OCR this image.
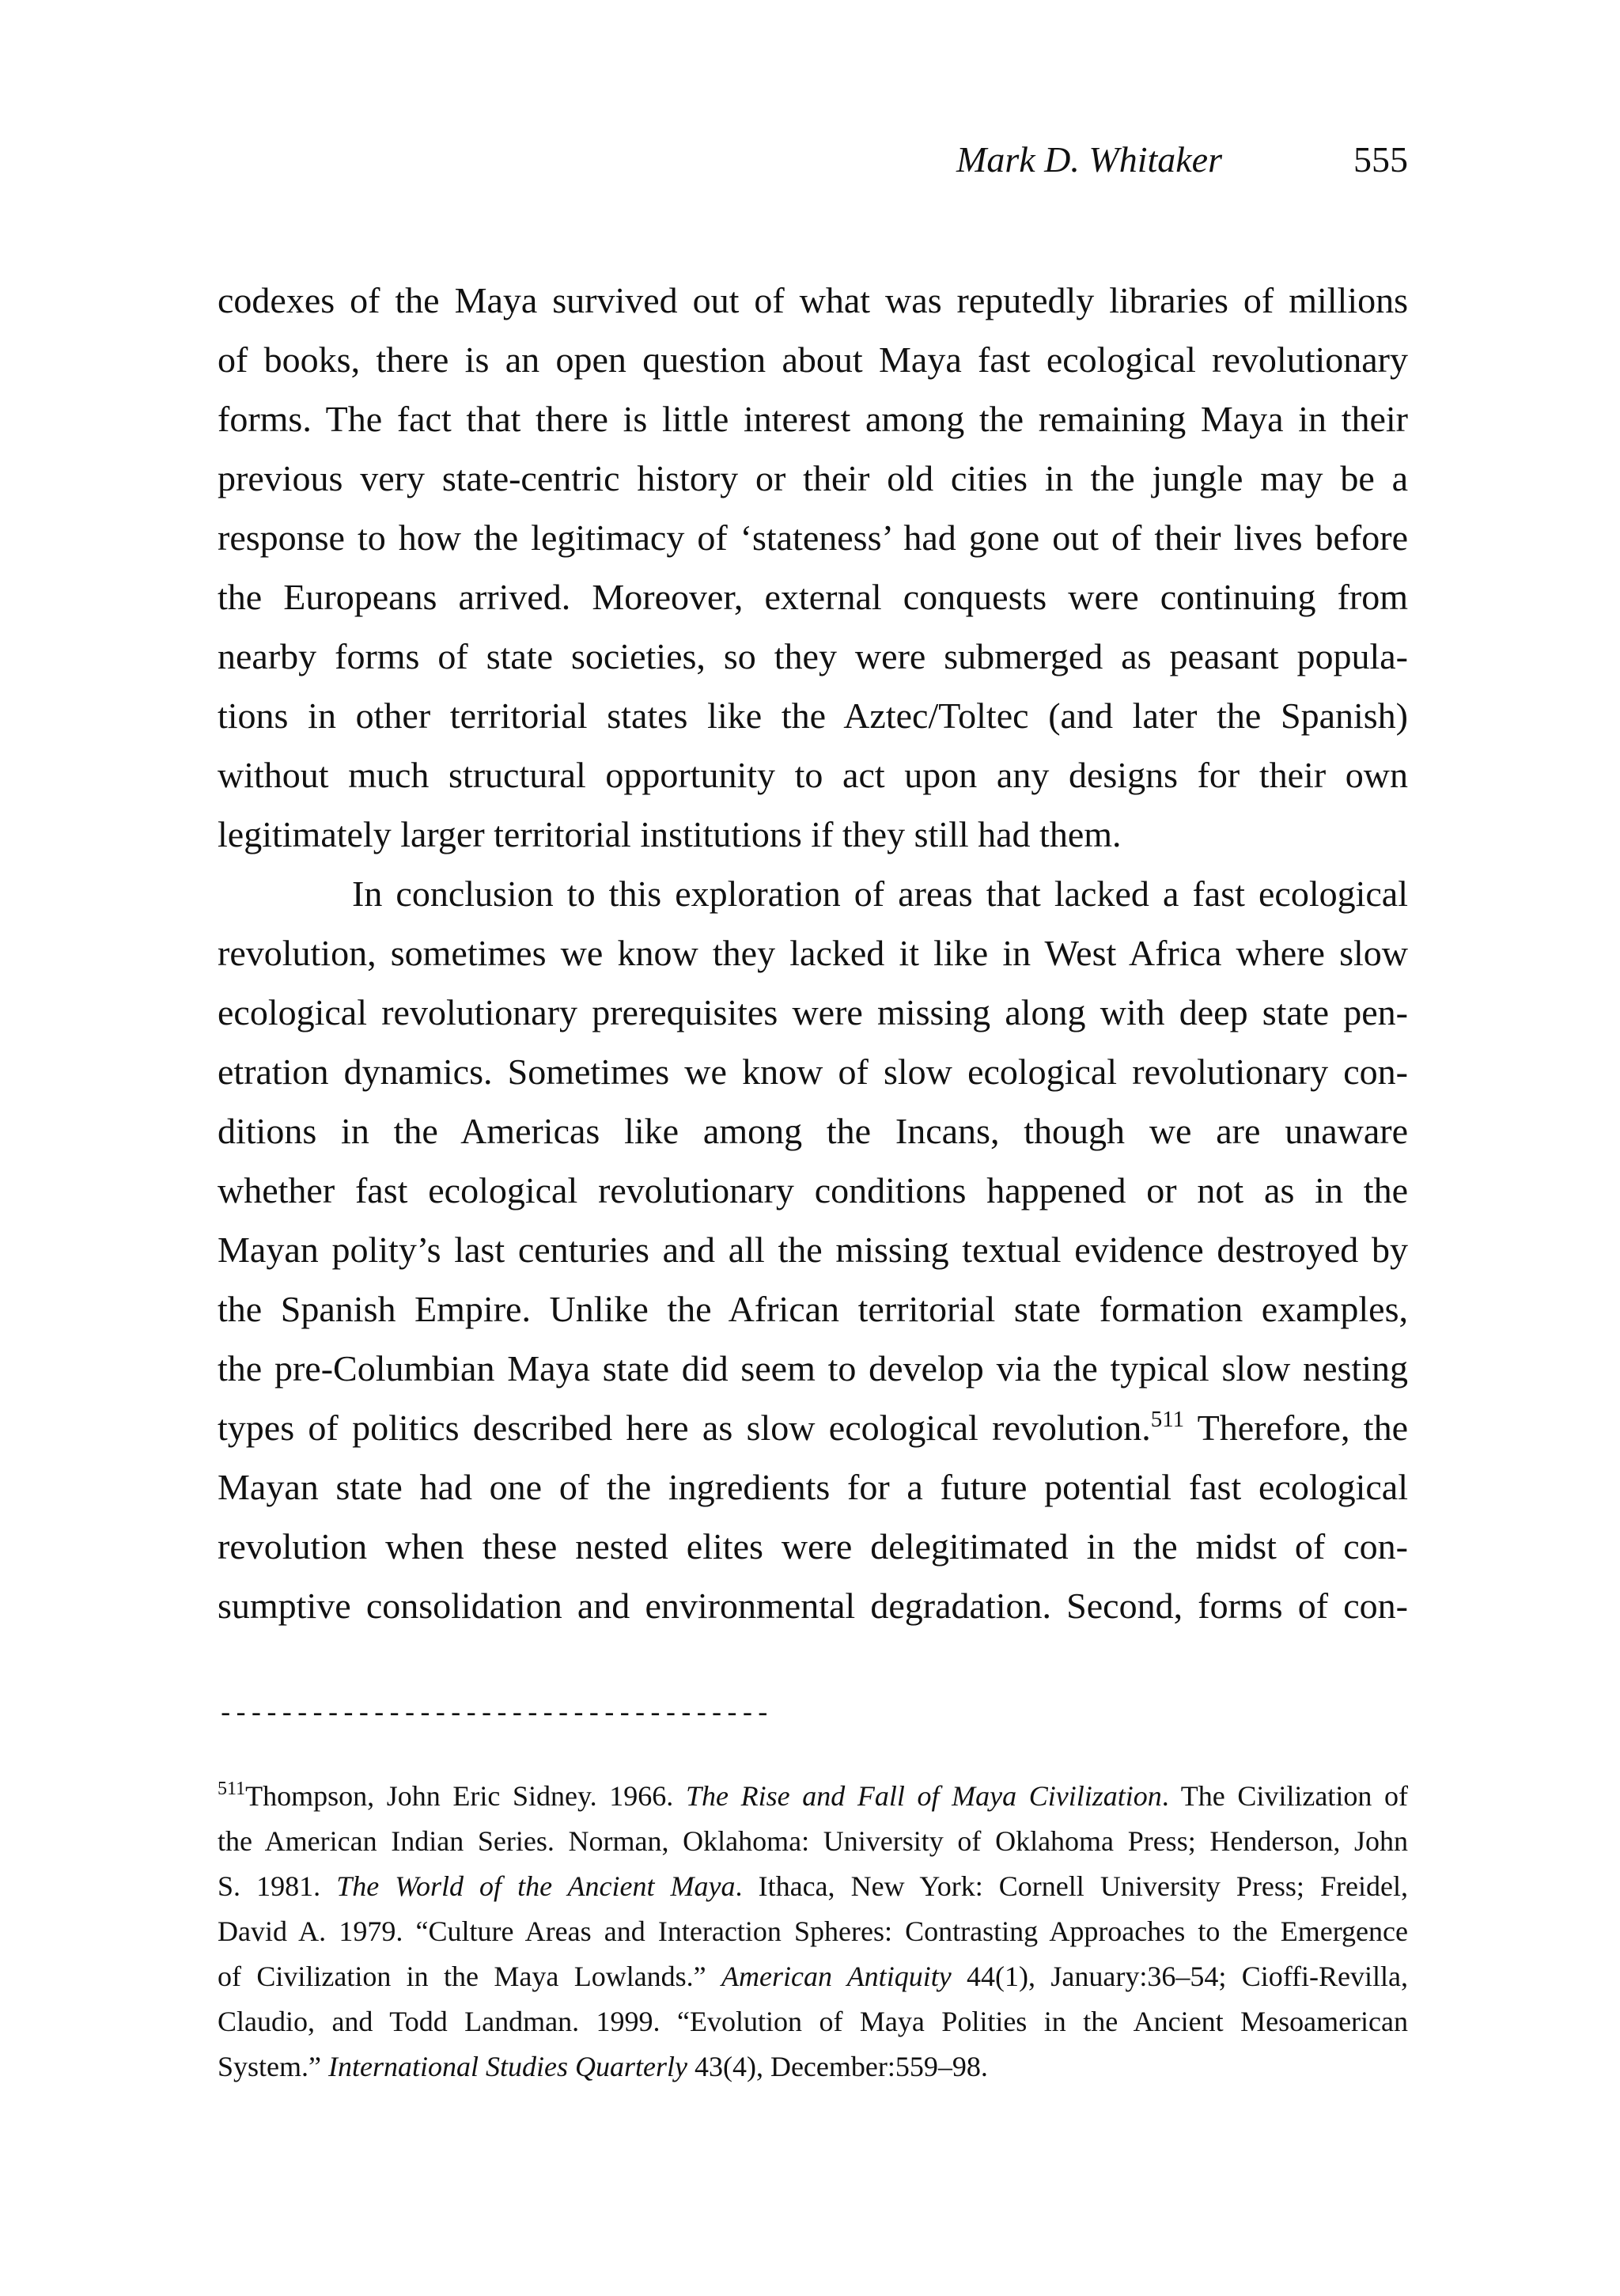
Mark D. Whitaker	555
codexes of the Maya survived out of what was reputedly libraries of millions
of books, there is an open question about Maya fast ecological revolutionary
forms. The fact that there is little interest among the remaining Maya in their
previous very state-centric history or their old cities in the jungle may be a
response to how the legitimacy of ‘stateness’ had gone out of their lives before
the Europeans arrived. Moreover, external conquests were continuing from
nearby forms of state societies, so they were submerged as peasant popula-
tions in other territorial states like the Aztec/Toltec (and later the Spanish)
without much structural opportunity to act upon any designs for their own
legitimately larger territorial institutions if they still had them.
In conclusion to this exploration of areas that lacked a fast ecological
revolution, sometimes we know they lacked it like in West Africa where slow
ecological revolutionary prerequisites were missing along with deep state pen-
etration dynamics. Sometimes we know of slow ecological revolutionary con-
ditions in the Americas like among the Incans, though we are unaware
whether fast ecological revolutionary conditions happened or not as in the
Mayan polity’s last centuries and all the missing textual evidence destroyed by
the Spanish Empire. Unlike the African territorial state formation examples,
the pre-Columbian Maya state did seem to develop via the typical slow nesting
types of politics described here as slow ecological revolution.$^{511}$ Therefore, the
Mayan state had one of the ingredients for a future potential fast ecological
revolution when these nested elites were delegitimated in the midst of con-
sumptive consolidation and environmental degradation. Second, forms of con-
------------------------------------
$^{511}$Thompson, John Eric Sidney. 1966. The Rise and Fall of Maya Civilization. The Civilization of
the American Indian Series. Norman, Oklahoma: University of Oklahoma Press; Henderson, John
S. 1981. The World of the Ancient Maya. Ithaca, New York: Cornell University Press; Freidel,
David A. 1979. “Culture Areas and Interaction Spheres: Contrasting Approaches to the Emergence
of Civilization in the Maya Lowlands.” American Antiquity 44(1), January:36–54; Cioffi-Revilla,
Claudio, and Todd Landman. 1999. “Evolution of Maya Polities in the Ancient Mesoamerican
System.” International Studies Quarterly 43(4), December:559–98.
